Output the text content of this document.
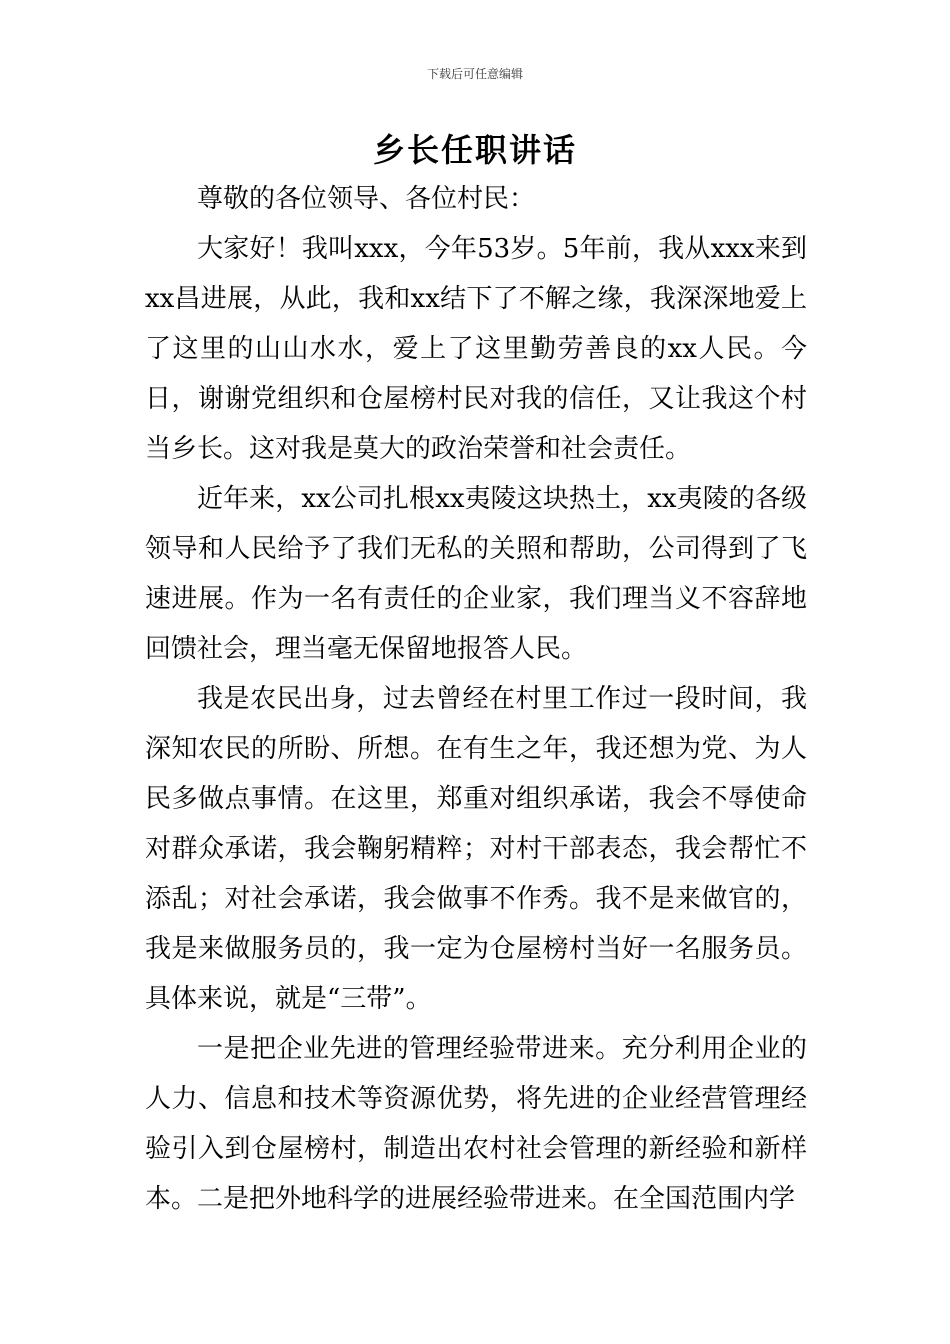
下载后可任意编辑
乡长任职讲话

尊敬的各位领导、各位村民：

大家好！我叫xxx，今年53岁。5年前，我从xxx来到xx昌进展，从此，我和xx结下了不解之缘，我深深地爱上了这里的山山水水，爱上了这里勤劳善良的xx人民。今日，谢谢党组织和仓屋榜村民对我的信任，又让我这个村当乡长。这对我是莫大的政治荣誉和社会责任。

近年来，xx公司扎根xx夷陵这块热土，xx夷陵的各级领导和人民给予了我们无私的关照和帮助，公司得到了飞速进展。作为一名有责任的企业家，我们理当义不容辞地回馈社会，理当毫无保留地报答人民。

我是农民出身，过去曾经在村里工作过一段时间，我深知农民的所盼、所想。在有生之年，我还想为党、为人民多做点事情。在这里，郑重对组织承诺，我会不辱使命对群众承诺，我会鞠躬精粹；对村干部表态，我会帮忙不添乱；对社会承诺，我会做事不作秀。我不是来做官的，我是来做服务员的，我一定为仓屋榜村当好一名服务员。具体来说，就是“三带”。

一是把企业先进的管理经验带进来。充分利用企业的人力、信息和技术等资源优势，将先进的企业经营管理经验引入到仓屋榜村，制造出农村社会管理的新经验和新样本。二是把外地科学的进展经验带进来。在全国范围内学
